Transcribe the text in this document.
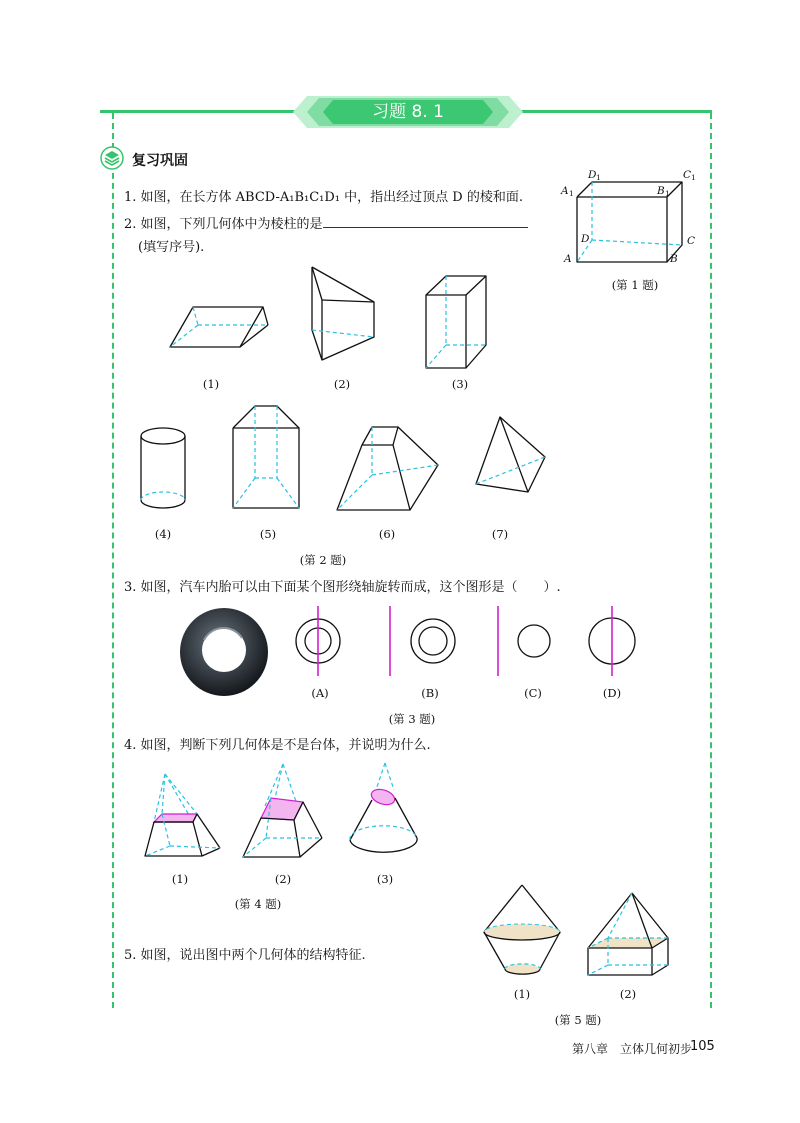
习题 8. 1
复习巩固
1. 如图，在长方体 ABCD-A₁B₁C₁D₁ 中，指出经过顶点 D 的棱和面.
2. 如图，下列几何体中为棱柱的是
(填写序号).
D 1	C 1
A 1	B 1
D	C
A	B
(第 1 题)
(1)	(2)	(3)
(4)	(5)	(6)	(7)
(第 2 题)
3. 如图，汽车内胎可以由下面某个图形绕轴旋转而成，这个图形是（　　）.
(A)	(B)	(C)	(D)
(第 3 题)
4. 如图，判断下列几何体是不是台体，并说明为什么.
(1)	(2)	(3)
(第 4 题)
5. 如图，说出图中两个几何体的结构特征.
(1)	(2)
(第 5 题)
第八章　立体几何初步
105
